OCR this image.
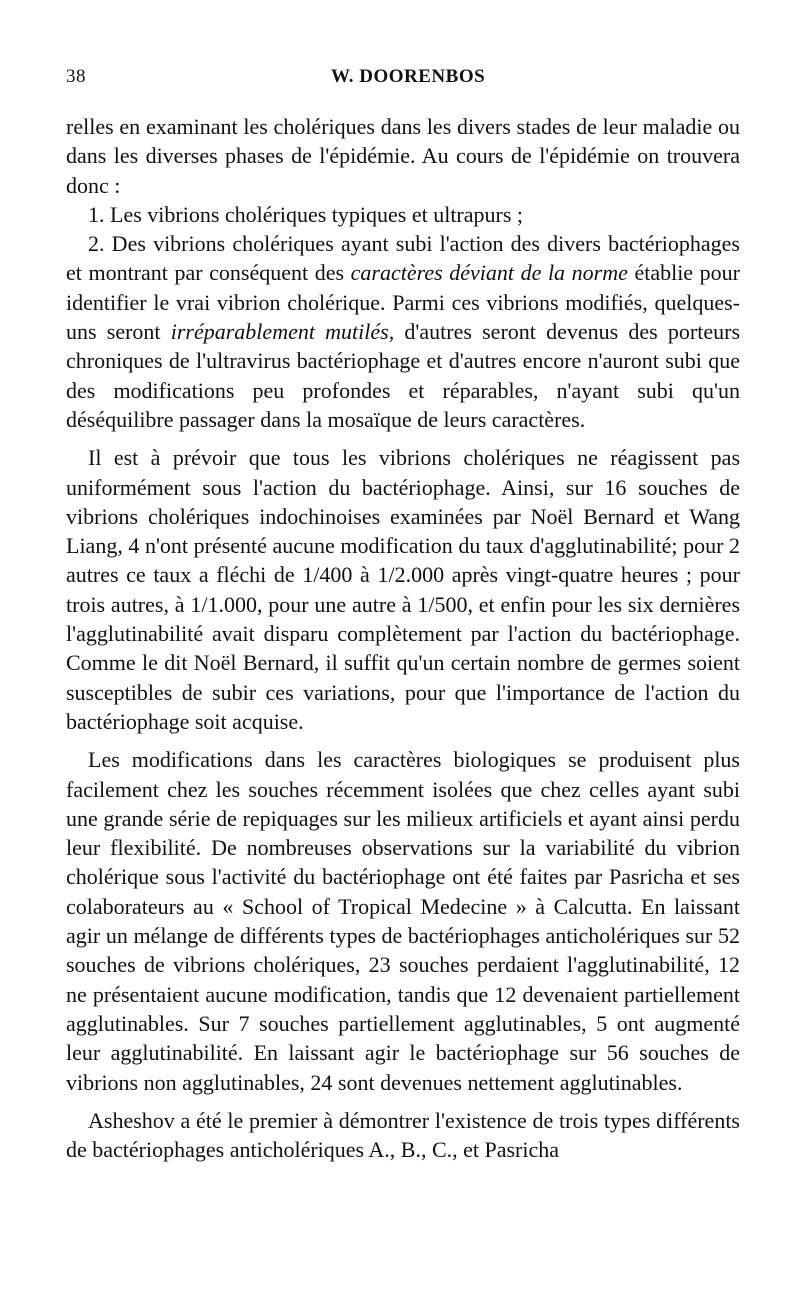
38	W. DOORENBOS

relles en examinant les cholériques dans les divers stades de leur maladie ou dans les diverses phases de l'épidémie. Au cours de l'épidémie on trouvera donc :

1. Les vibrions cholériques typiques et ultrapurs ;

2. Des vibrions cholériques ayant subi l'action des divers bactériophages et montrant par conséquent des caractères déviant de la norme établie pour identifier le vrai vibrion cholérique. Parmi ces vibrions modifiés, quelques-uns seront irréparablement mutilés, d'autres seront devenus des porteurs chroniques de l'ultravirus bactériophage et d'autres encore n'auront subi que des modifications peu profondes et réparables, n'ayant subi qu'un déséquilibre passager dans la mosaïque de leurs caractères.

Il est à prévoir que tous les vibrions cholériques ne réagissent pas uniformément sous l'action du bactériophage. Ainsi, sur 16 souches de vibrions cholériques indochinoises examinées par Noël Bernard et Wang Liang, 4 n'ont présenté aucune modification du taux d'agglutinabilité; pour 2 autres ce taux a fléchi de 1/400 à 1/2.000 après vingt-quatre heures ; pour trois autres, à 1/1.000, pour une autre à 1/500, et enfin pour les six dernières l'agglutinabilité avait disparu complètement par l'action du bactériophage. Comme le dit Noël Bernard, il suffit qu'un certain nombre de germes soient susceptibles de subir ces variations, pour que l'importance de l'action du bactériophage soit acquise.

Les modifications dans les caractères biologiques se produisent plus facilement chez les souches récemment isolées que chez celles ayant subi une grande série de repiquages sur les milieux artificiels et ayant ainsi perdu leur flexibilité. De nombreuses observations sur la variabilité du vibrion cholérique sous l'activité du bactériophage ont été faites par Pasricha et ses colaborateurs au « School of Tropical Medecine » à Calcutta. En laissant agir un mélange de différents types de bactériophages anticholériques sur 52 souches de vibrions cholériques, 23 souches perdaient l'agglutinabilité, 12 ne présentaient aucune modification, tandis que 12 devenaient partiellement agglutinables. Sur 7 souches partiellement agglutinables, 5 ont augmenté leur agglutinabilité. En laissant agir le bactériophage sur 56 souches de vibrions non agglutinables, 24 sont devenues nettement agglutinables.

Asheshov a été le premier à démontrer l'existence de trois types différents de bactériophages anticholériques A., B., C., et Pasricha
